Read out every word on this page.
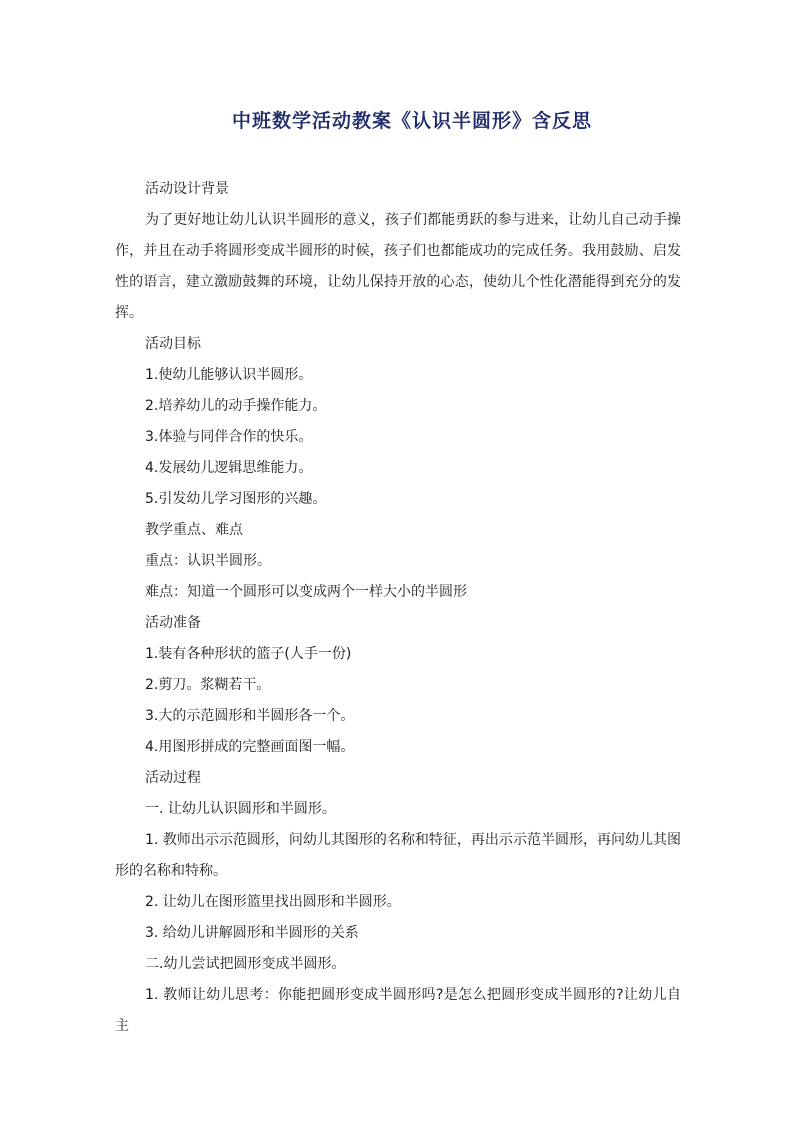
中班数学活动教案《认识半圆形》含反思

活动设计背景

为了更好地让幼儿认识半圆形的意义，孩子们都能勇跃的参与进来，让幼儿自己动手操作，并且在动手将圆形变成半圆形的时候，孩子们也都能成功的完成任务。我用鼓励、启发性的语言，建立激励鼓舞的环境，让幼儿保持开放的心态，使幼儿个性化潜能得到充分的发挥。

活动目标

1.使幼儿能够认识半圆形。

2.培养幼儿的动手操作能力。

3.体验与同伴合作的快乐。

4.发展幼儿逻辑思维能力。

5.引发幼儿学习图形的兴趣。

教学重点、难点

重点：认识半圆形。

难点：知道一个圆形可以变成两个一样大小的半圆形

活动准备

1.装有各种形状的篮子(人手一份)

2.剪刀。浆糊若干。

3.大的示范圆形和半圆形各一个。

4.用图形拼成的完整画面图一幅。

活动过程

一. 让幼儿认识圆形和半圆形。

1. 教师出示示范圆形，问幼儿其图形的名称和特征，再出示示范半圆形，再问幼儿其图形的名称和特称。

2. 让幼儿在图形篮里找出圆形和半圆形。

3. 给幼儿讲解圆形和半圆形的关系

二.幼儿尝试把圆形变成半圆形。

1. 教师让幼儿思考：你能把圆形变成半圆形吗?是怎么把圆形变成半圆形的?让幼儿自主
